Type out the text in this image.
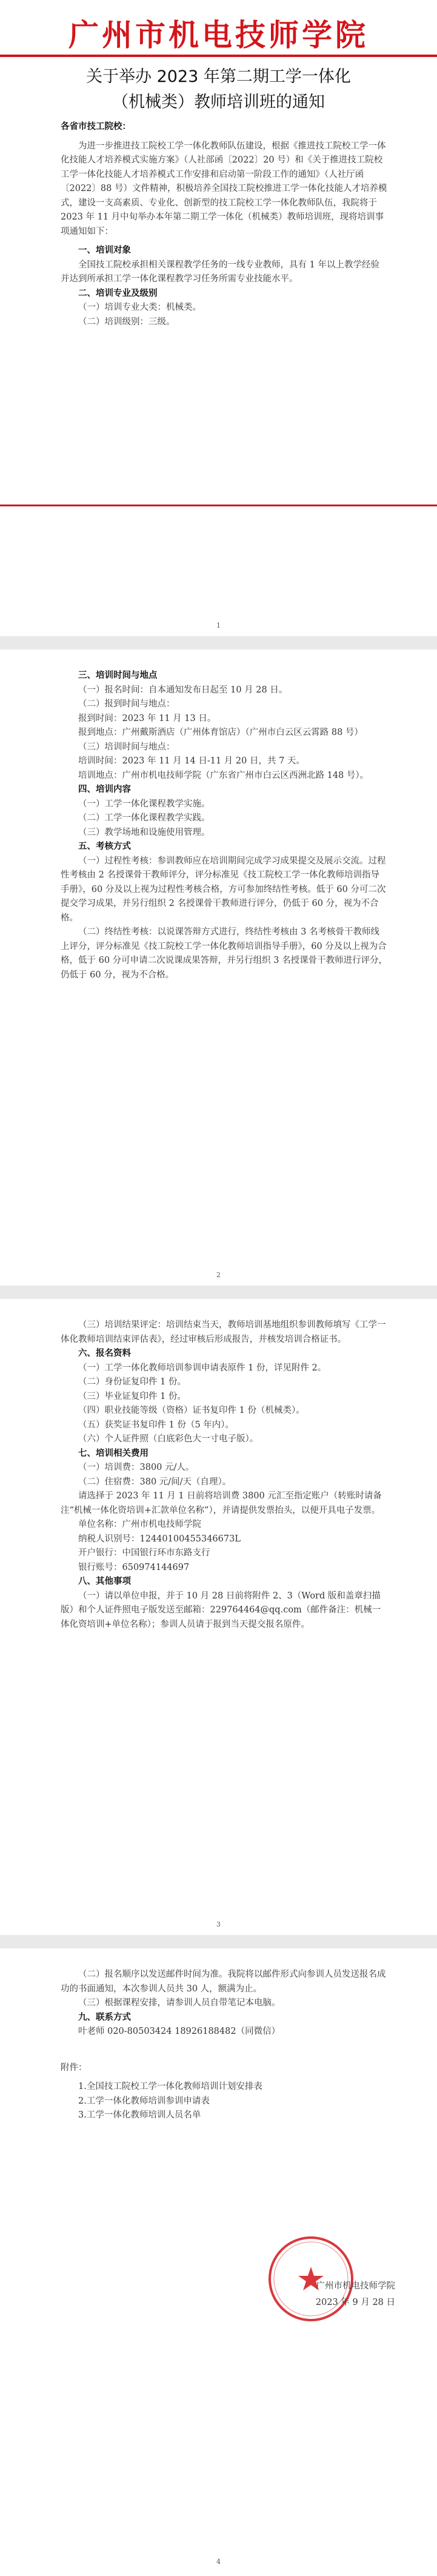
广州市机电技师学院
关于举办 2023 年第二期工学一体化
（机械类）教师培训班的通知

各省市技工院校：

为进一步推进技工院校工学一体化教师队伍建设，根据《推进技工院校工学一体化技能人才培养模式实施方案》（人社部函〔2022〕20 号）和《关于推进技工院校工学一体化技能人才培养模式工作安排和启动第一阶段工作的通知》（人社厅函〔2022〕88 号）文件精神，积极培养全国技工院校推进工学一体化技能人才培养模式，建设一支高素质、专业化、创新型的技工院校工学一体化教师队伍，我院将于 2023 年 11 月中旬举办本年第二期工学一体化（机械类）教师培训班，现将培训事项通知如下：

一、培训对象

全国技工院校承担相关课程教学任务的一线专业教师，具有 1 年以上教学经验并达到所承担工学一体化课程教学习任务所需专业技能水平。

二、培训专业及级别

（一）培训专业大类：机械类。

（二）培训级别：三级。

1

三、培训时间与地点

（一）报名时间：自本通知发布日起至 10 月 28 日。

（二）报到时间与地点：

报到时间：2023 年 11 月 13 日。

报到地点：广州戴斯酒店（广州体育馆店）（广州市白云区云霄路 88 号）

（三）培训时间与地点：

培训时间：2023 年 11 月 14 日-11 月 20 日，共 7 天。

培训地点：广州市机电技师学院（广东省广州市白云区西洲北路 148 号）。

四、培训内容

（一）工学一体化课程教学实施。

（二）工学一体化课程教学实践。

（三）教学场地和设施使用管理。

五、考核方式

（一）过程性考核：参训教师应在培训期间完成学习成果提交及展示交流。过程性考核由 2 名授课骨干教师评分，评分标准见《技工院校工学一体化教师培训指导手册》，60 分及以上视为过程性考核合格，方可参加终结性考核。低于 60 分可二次提交学习成果，并另行组织 2 名授课骨干教师进行评分，仍低于 60 分，视为不合格。

（二）终结性考核：以说课答辩方式进行，终结性考核由 3 名考核骨干教师线上评分，评分标准见《技工院校工学一体化教师培训指导手册》，60 分及以上视为合格，低于 60 分可申请二次说课成果答辩，并另行组织 3 名授课骨干教师进行评分，仍低于 60 分，视为不合格。

2

（三）培训结果评定：培训结束当天，教师培训基地组织参训教师填写《工学一体化教师培训结束评估表》，经过审核后形成报告，并核发培训合格证书。

六、报名资料

（一）工学一体化教师培训参训申请表原件 1 份，详见附件 2。

（二）身份证复印件 1 份。

（三）毕业证复印件 1 份。

（四）职业技能等级（资格）证书复印件 1 份（机械类）。

（五）获奖证书复印件 1 份（5 年内）。

（六）个人证件照（白底彩色大一寸电子版）。

七、培训相关费用

（一）培训费：3800 元/人。

（二）住宿费：380 元/间/天（自理）。

请选择于 2023 年 11 月 1 日前将培训费 3800 元汇至指定账户（转账时请备注“机械一体化资培训+汇款单位名称”），并请提供发票抬头，以便开具电子发票。

单位名称：广州市机电技师学院

纳税人识别号：12440100455346673L

开户银行：中国银行环市东路支行

银行账号：650974144697

八、其他事项

（一）请以单位申报，并于 10 月 28 日前将附件 2、3（Word 版和盖章扫描版）和个人证件照电子版发送至邮箱：229764464@qq.com（邮件备注：机械一体化资培训+单位名称）；参训人员请于报到当天提交报名原件。

3

（二）报名顺序以发送邮件时间为准。我院将以邮件形式向参训人员发送报名成功的书面通知，本次参训人员共 30 人，额满为止。

（三）根据课程安排，请参训人员自带笔记本电脑。

九、联系方式

叶老师 020-80503424 18926188482（同微信）

附件：

1.全国技工院校工学一体化教师培训计划安排表

2.工学一体化教师培训参训申请表

3.工学一体化教师培训人员名单

广州市机电技师学院
2023 年 9 月 28 日
4
